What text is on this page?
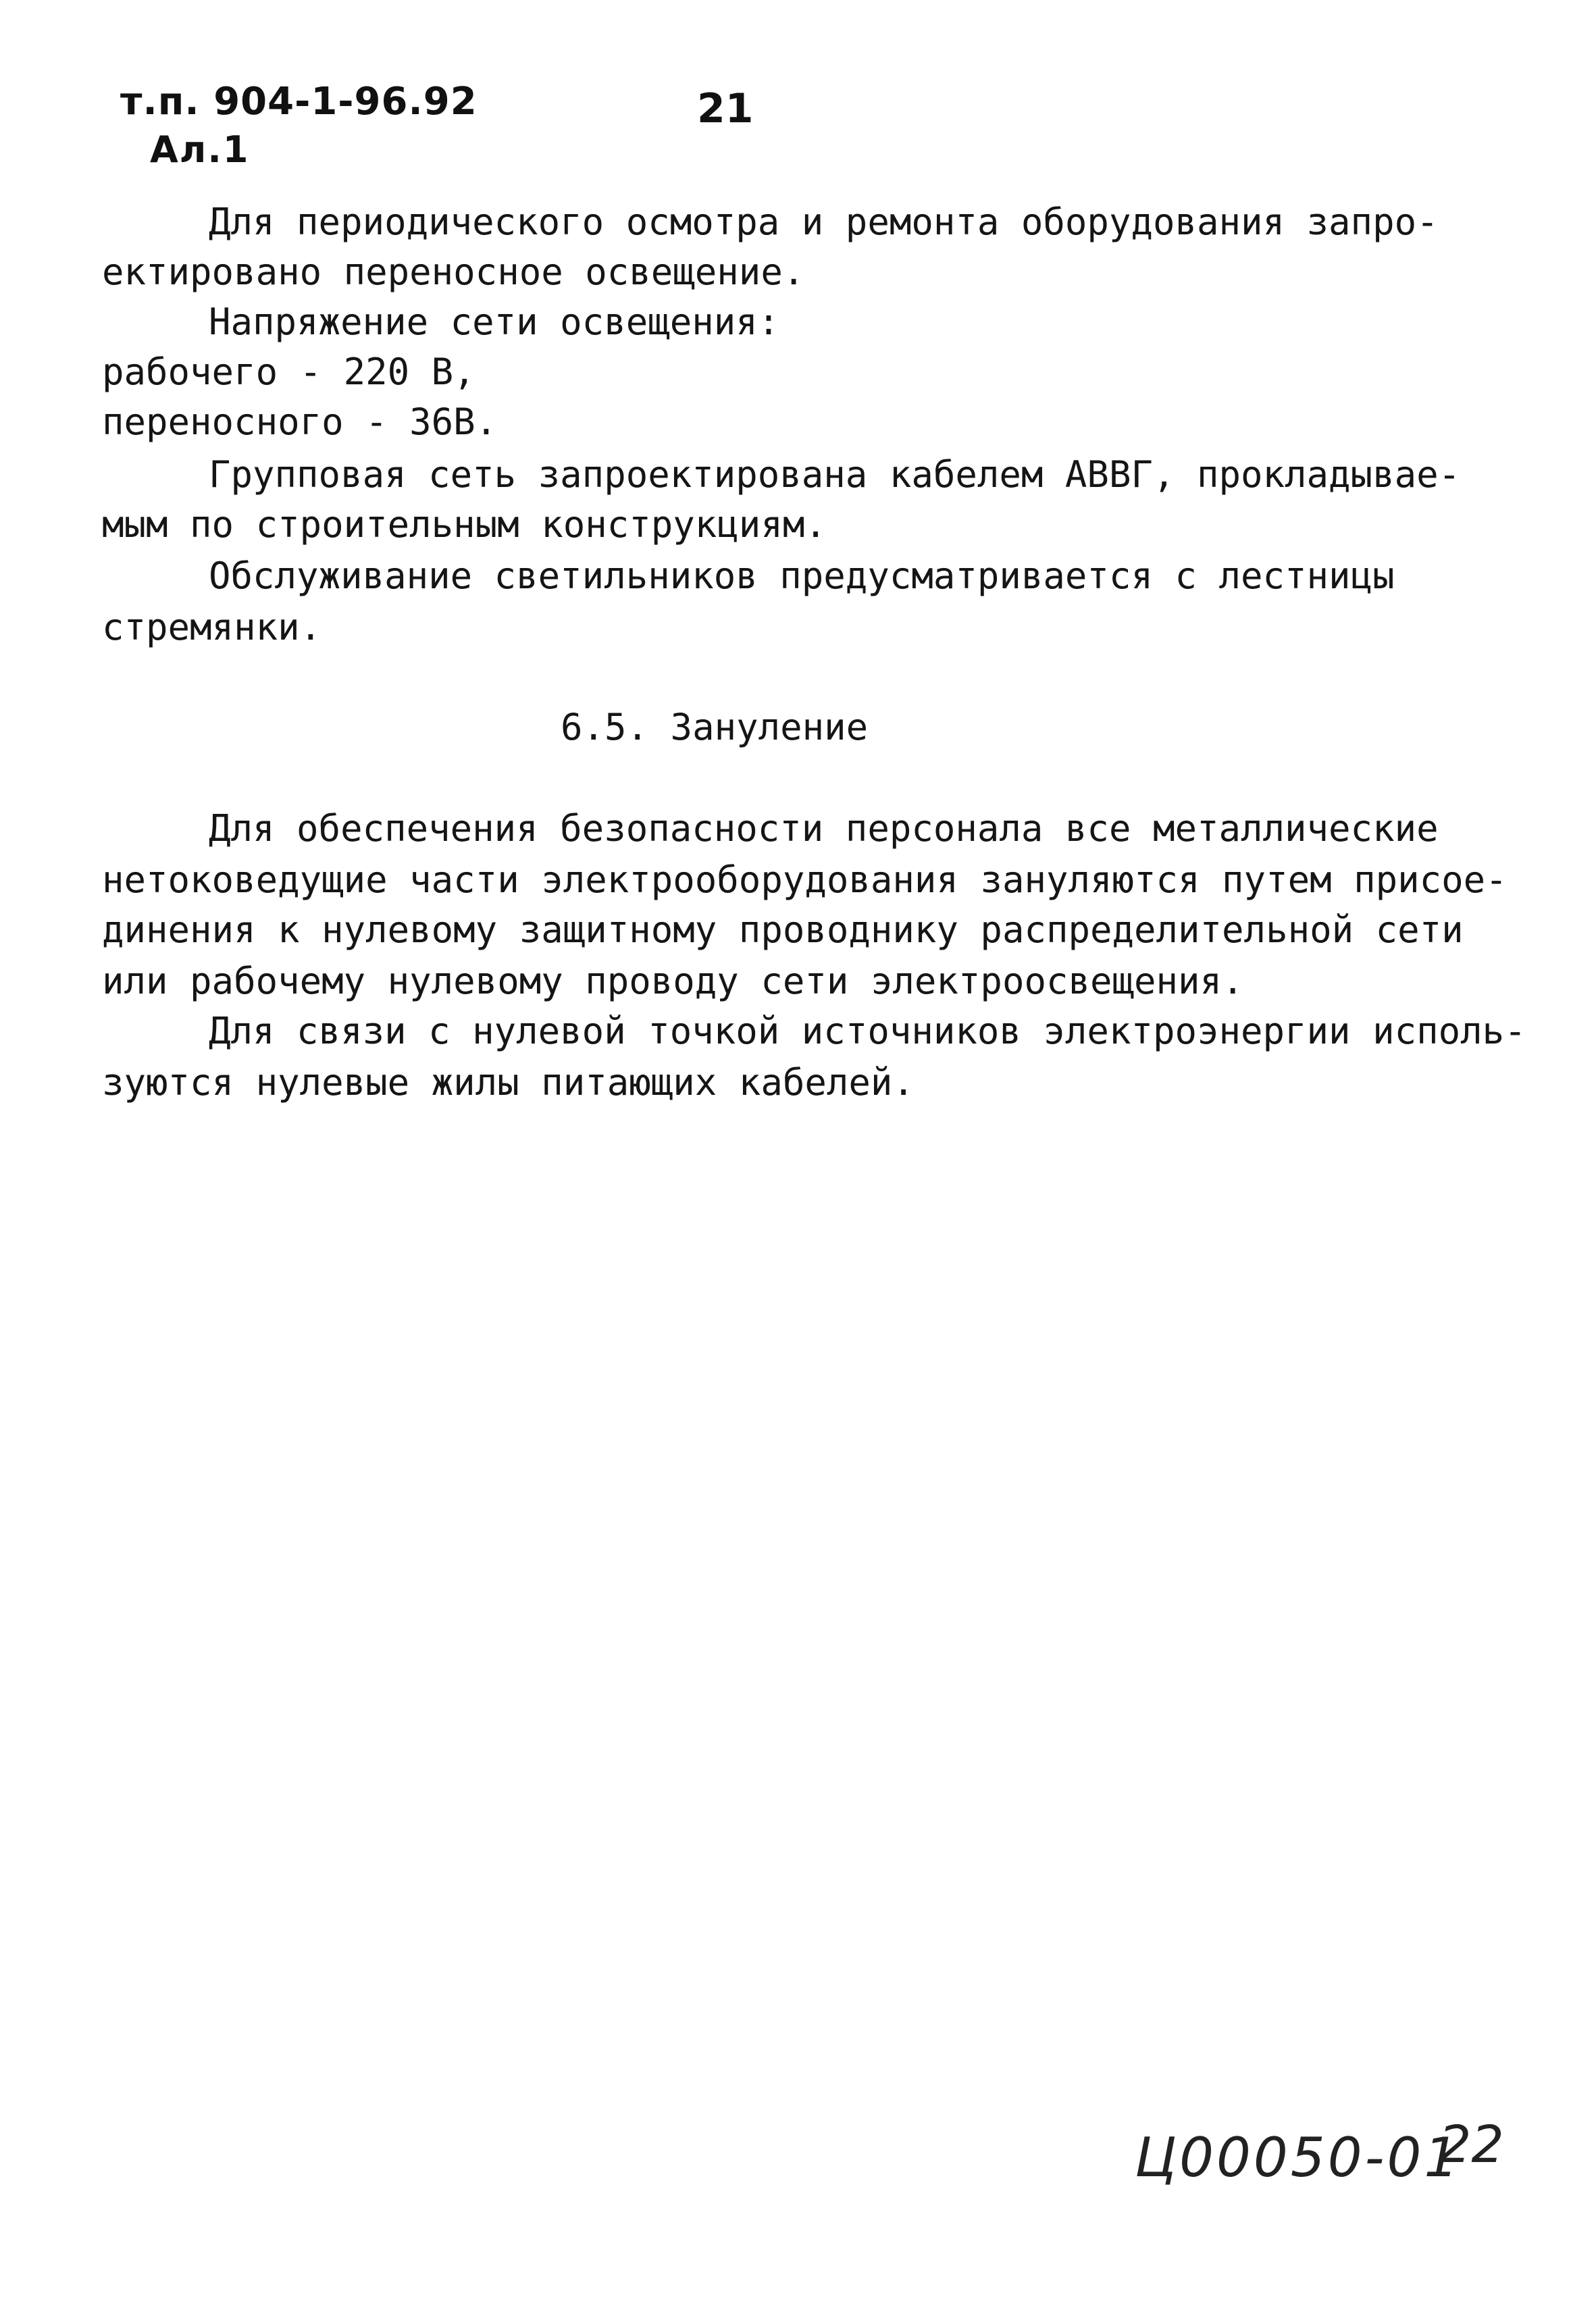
т.п. 904-1-96.92
Ал.1
21
Для периодического осмотра и ремонта оборудования запро-
ектировано переносное освещение.
Напряжение сети освещения:
рабочего - 220 В,
переносного - 36В.
Групповая сеть запроектирована кабелем АВВГ, прокладывае-
мым по строительным конструкциям.
Обслуживание светильников предусматривается с лестницы
стремянки.
6.5. Зануление
Для обеспечения безопасности персонала все металлические
нетоковедущие части электрооборудования зануляются путем присое-
динения к нулевому защитному проводнику распределительной сети
или рабочему нулевому проводу сети электроосвещения.
Для связи с нулевой точкой источников электроэнергии исполь-
зуются нулевые жилы питающих кабелей.
Ц00050-01
22
